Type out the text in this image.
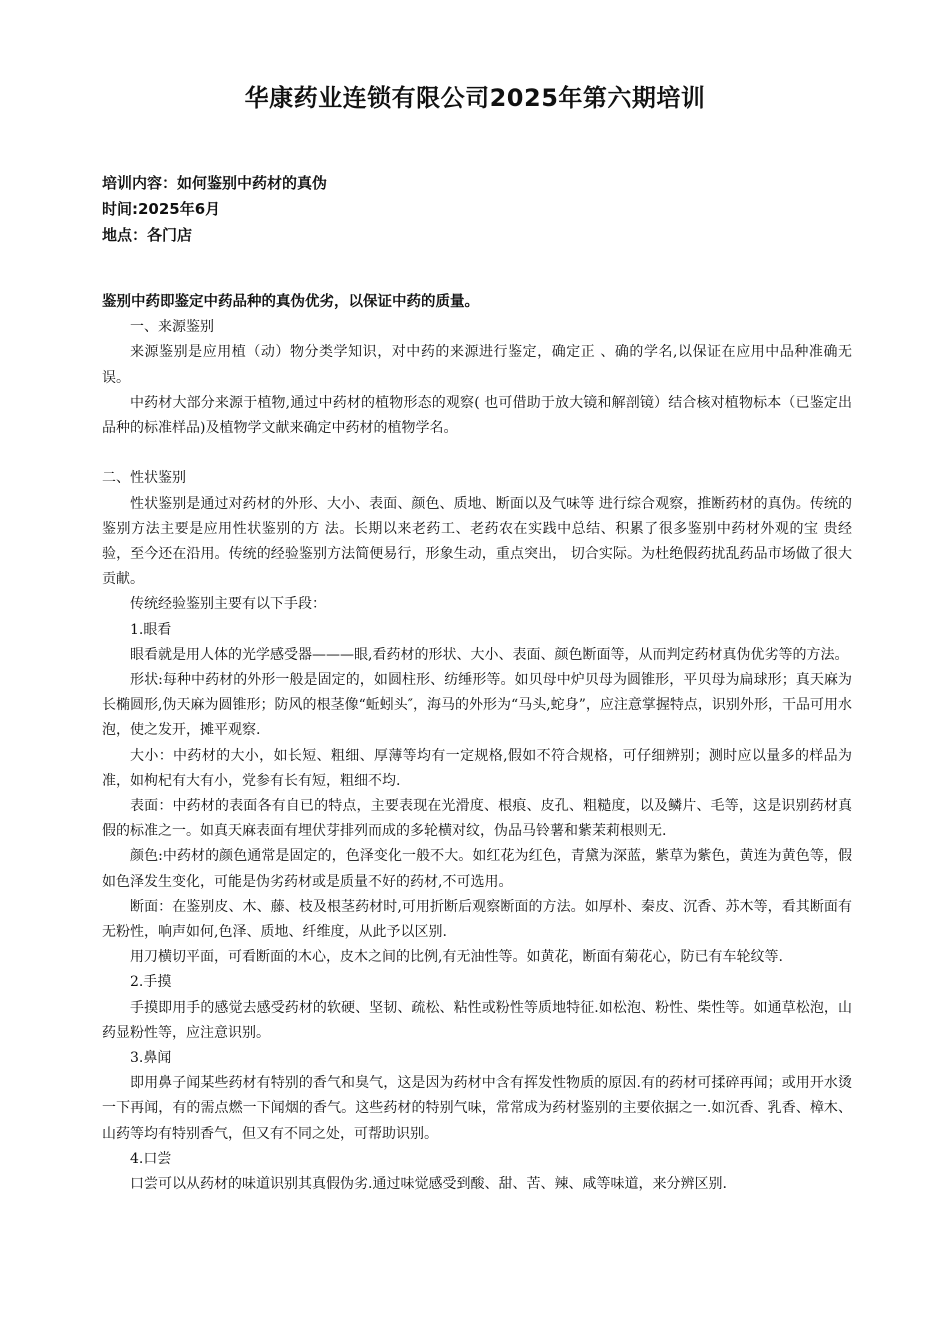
华康药业连锁有限公司2025年第六期培训
培训内容：如何鉴别中药材的真伪
时间:2025年6月
地点：各门店

鉴别中药即鉴定中药品种的真伪优劣，以保证中药的质量。

一、来源鉴别

来源鉴别是应用植（动）物分类学知识，对中药的来源进行鉴定，确定正 、确的学名,以保证在应用中品种准确无误。

中药材大部分来源于植物,通过中药材的植物形态的观察( 也可借助于放大镜和解剖镜）结合核对植物标本（已鉴定出品种的标准样品)及植物学文献来确定中药材的植物学名。

二、性状鉴别

性状鉴别是通过对药材的外形、大小、表面、颜色、质地、断面以及气味等 进行综合观察，推断药材的真伪。传统的鉴别方法主要是应用性状鉴别的方 法。长期以来老药工、老药农在实践中总结、积累了很多鉴别中药材外观的宝 贵经验，至今还在沿用。传统的经验鉴别方法简便易行，形象生动，重点突出， 切合实际。为杜绝假药扰乱药品市场做了很大贡献。

传统经验鉴别主要有以下手段：

1.眼看

眼看就是用人体的光学感受器———眼,看药材的形状、大小、表面、颜色断面等，从而判定药材真伪优劣等的方法。

形状:每种中药材的外形一般是固定的，如圆柱形、纺缍形等。如贝母中炉贝母为圆锥形，平贝母为扁球形；真天麻为长椭圆形,伪天麻为圆锥形；防风的根茎像“蚯蚓头″，海马的外形为“马头,蛇身”，应注意掌握特点，识别外形，干品可用水泡，使之发开，摊平观察.

大小：中药材的大小，如长短、粗细、厚薄等均有一定规格,假如不符合规格，可仔细辨别；测时应以量多的样品为准，如枸杞有大有小，党参有长有短，粗细不均.

表面：中药材的表面各有自已的特点，主要表现在光滑度、根痕、皮孔、粗糙度，以及鳞片、毛等，这是识别药材真假的标准之一。如真天麻表面有埋伏芽排列而成的多轮横对纹，伪品马铃薯和紫茉莉根则无.

颜色:中药材的颜色通常是固定的，色泽变化一般不大。如红花为红色，青黛为深蓝，紫草为紫色，黄连为黄色等，假如色泽发生变化，可能是伪劣药材或是质量不好的药材,不可选用。

断面：在鉴别皮、木、藤、枝及根茎药材时,可用折断后观察断面的方法。如厚朴、秦皮、沉香、苏木等，看其断面有无粉性，响声如何,色泽、质地、纤维度，从此予以区别.

用刀横切平面，可看断面的木心，皮木之间的比例,有无油性等。如黄花，断面有菊花心，防已有车轮纹等.

2.手摸

手摸即用手的感觉去感受药材的软硬、坚韧、疏松、粘性或粉性等质地特征.如松泡、粉性、柴性等。如通草松泡，山药显粉性等，应注意识别。

3.鼻闻

即用鼻子闻某些药材有特别的香气和臭气，这是因为药材中含有挥发性物质的原因.有的药材可揉碎再闻；或用开水烫一下再闻，有的需点燃一下闻烟的香气。这些药材的特别气味，常常成为药材鉴别的主要依据之一.如沉香、乳香、樟木、山药等均有特别香气，但又有不同之处，可帮助识别。

4.口尝

口尝可以从药材的味道识别其真假伪劣.通过味觉感受到酸、甜、苦、辣、咸等味道，来分辨区别.
